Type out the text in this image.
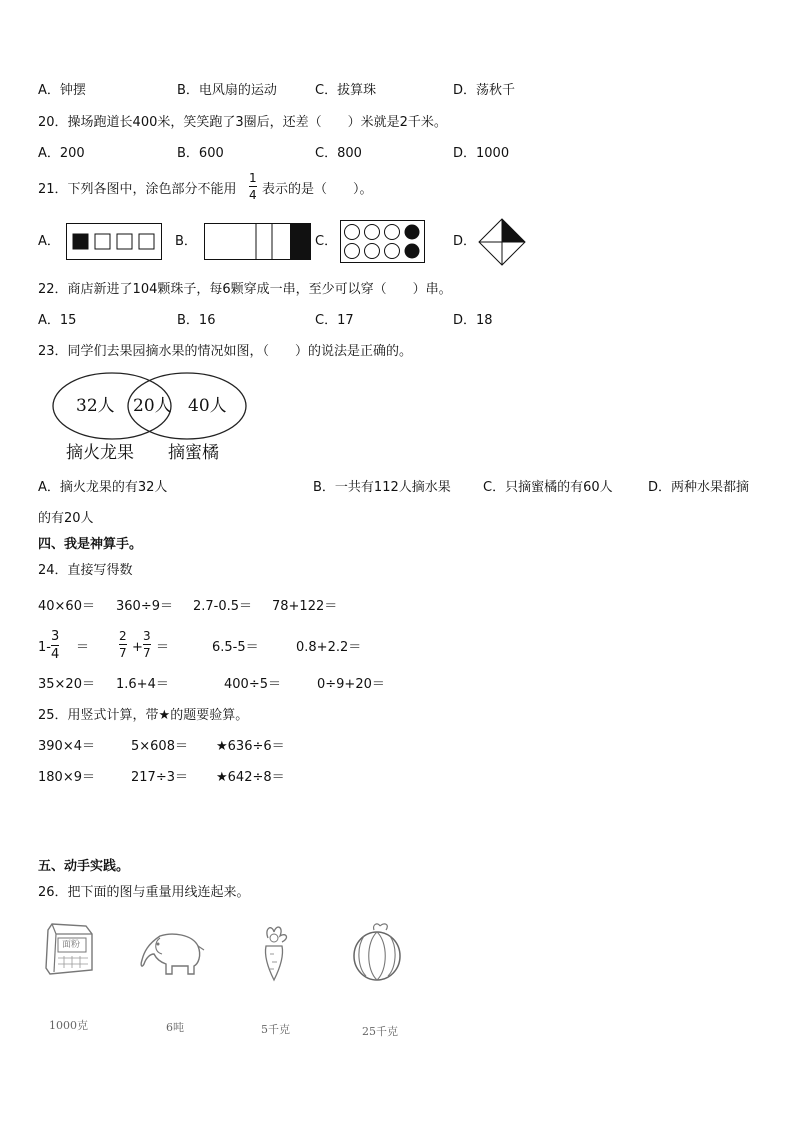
A．钟摆	B．电风扇的运动	C．拔算珠	D．荡秋千
20．操场跑道长400米，笑笑跑了3圈后，还差（　　）米就是2千米。
A．200	B．600	C．800	D．1000
21．下列各图中，涂色部分不能用
1
4 表示的是（　　）。
A．	B．	C．	D．
22．商店新进了104颗珠子，每6颗穿成一串，至少可以穿（　　）串。
A．15	B．16	C．17	D．18
23．同学们去果园摘水果的情况如图，（　　）的说法是正确的。
32人 20人 40人
摘火龙果 摘蜜橘
A．摘火龙果的有32人	B．一共有112人摘水果 C．只摘蜜橘的有60人	D．两种水果都摘
的有20人
四、我是神算手。
24．直接写得数
40×60＝ 360÷9＝ 2.7-0.5＝ 78+122＝
1-
3
4 ＝
2
7 +
3
7 ＝	6.5-5＝	0.8+2.2＝
35×20＝ 1.6+4＝	400÷5＝	0÷9+20＝
25．用竖式计算，带★的题要验算。
390×4＝	5×608＝ ★636÷6＝
180×9＝	217÷3＝ ★642÷8＝
五、动手实践。
26．把下面的图与重量用线连起来。
面粉
1000克	6吨	5千克	25千克
